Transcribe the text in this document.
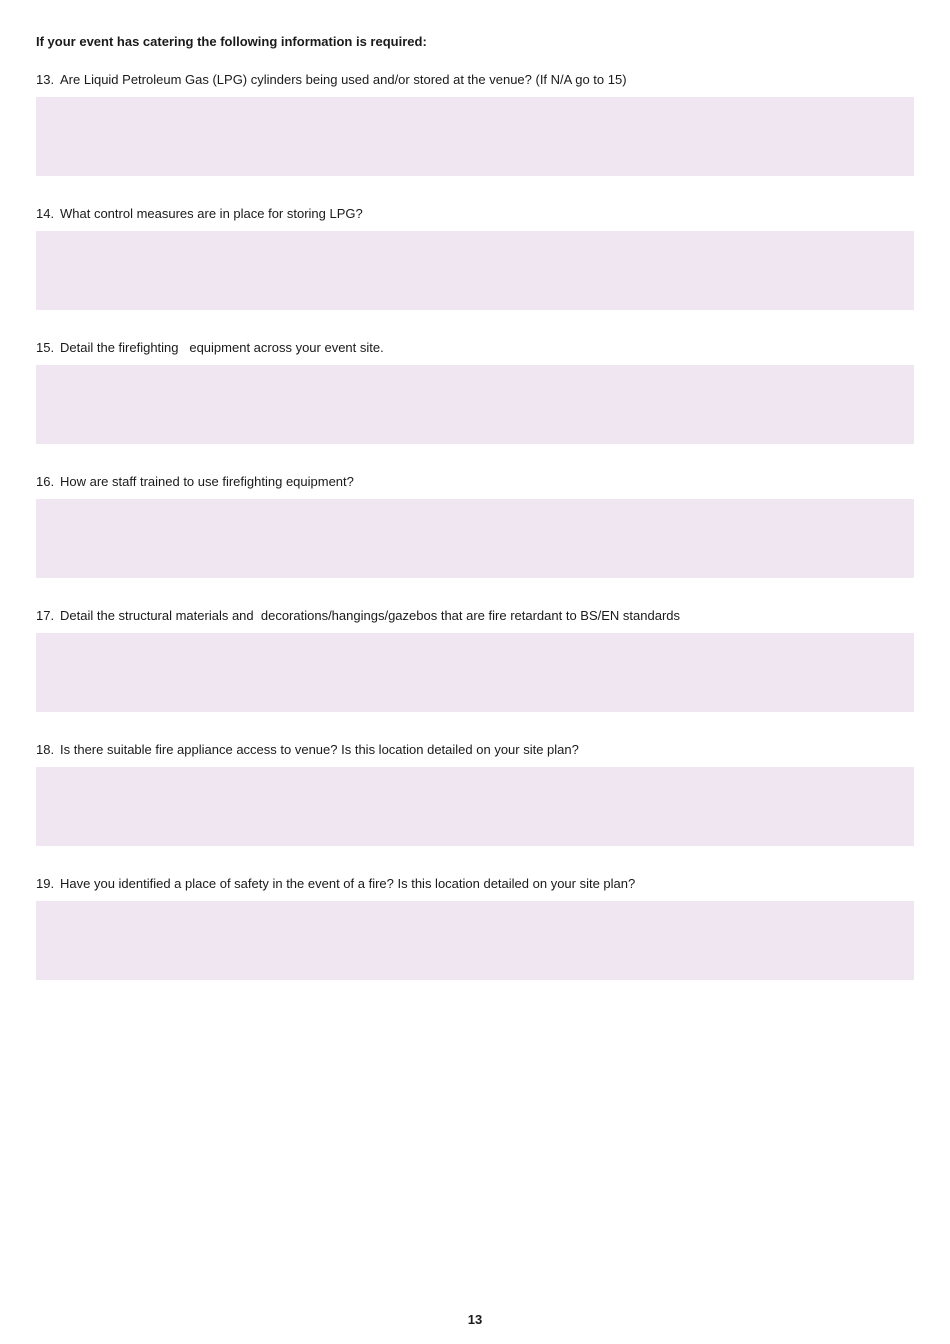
If your event has catering the following information is required:
13. Are Liquid Petroleum Gas (LPG) cylinders being used and/or stored at the venue? (If N/A go to 15)
14. What control measures are in place for storing LPG?
15. Detail the firefighting   equipment across your event site.
16. How are staff trained to use firefighting equipment?
17. Detail the structural materials and  decorations/hangings/gazebos that are fire retardant to BS/EN standards
18. Is there suitable fire appliance access to venue? Is this location detailed on your site plan?
19. Have you identified a place of safety in the event of a fire? Is this location detailed on your site plan?
13
